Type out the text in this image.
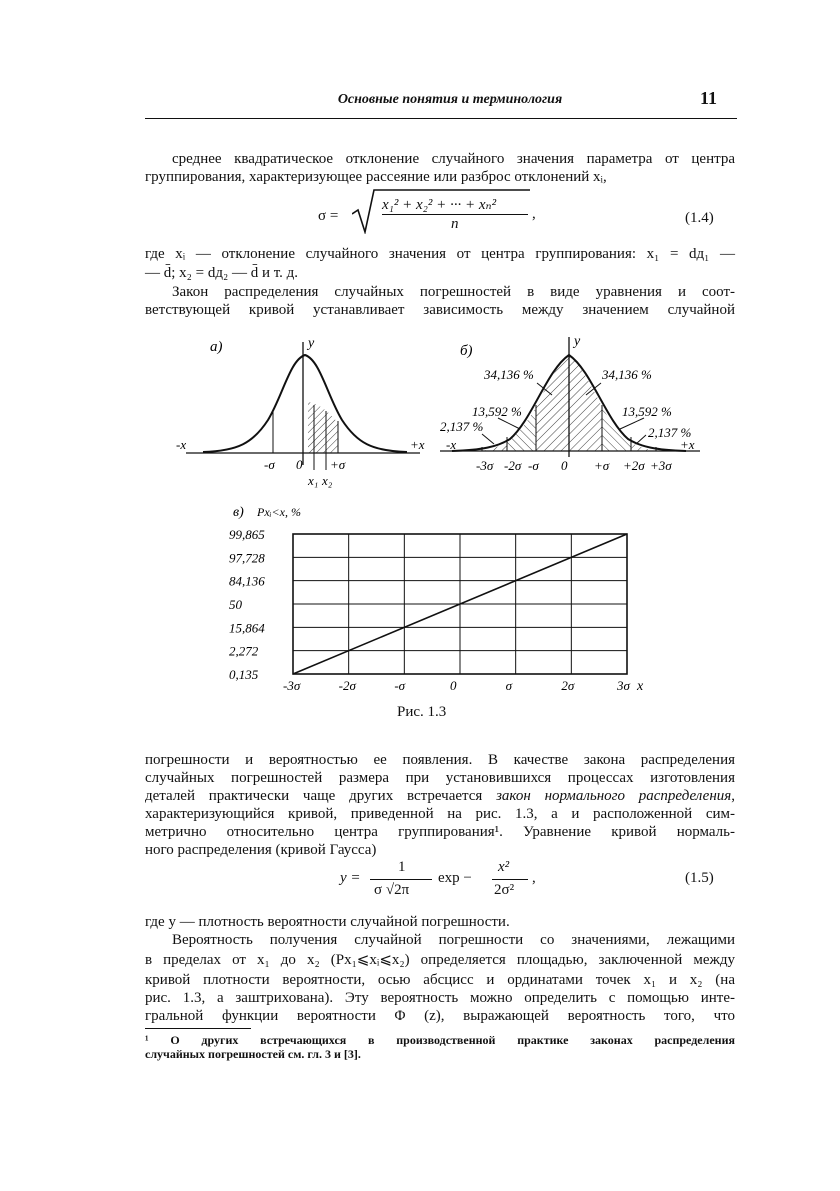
Основные понятия и терминология	11
среднее квадратическое отклонение случайного значения параметра от центра
группирования, характеризующее рассеяние или разброс отклонений xᵢ,
σ =
x₁² + x₂² + ··· + xₙ²
n
,	(1.4)
где xᵢ — отклонение случайного значения от центра группирования: x₁ = dд₁ —
— d̄; x₂ = dд₂ — d̄ и т. д.
Закон распределения случайных погрешностей в виде уравнения и соот-
ветствующей кривой устанавливает зависимость между значением случайной
а)	y
-x	+x
-σ 0 +σ
x₁ x₂
б)
y
34,136 %	34,136 %
13,592 %	13,592 %
2,137 %	2,137 %
-x	+x
-3σ -2σ -σ 0 +σ +2σ +3σ
в) Pxᵢ<x, %
99,865
97,728
84,136
50
15,864
2,272
0,135
-3σ	-2σ	-σ	0	σ	2σ	3σ x
Рис. 1.3
погрешности и вероятностью ее появления. В качестве закона распределения
случайных погрешностей размера при установившихся процессах изготовления
деталей практически чаще других встречается закон нормального распределения,
характеризующийся кривой, приведенной на рис. 1.3, а и расположенной сим-
метрично относительно центра группирования¹. Уравнение кривой нормаль-
ного распределения (кривой Гаусса)
y =
1
σ √2π
exp −
x²
2σ²
,	(1.5)
где y — плотность вероятности случайной погрешности.
Вероятность получения случайной погрешности со значениями, лежащими
в пределах от x₁ до x₂ (Px₁⩽xᵢ⩽x₂) определяется площадью, заключенной между
кривой плотности вероятности, осью абсцисс и ординатами точек x₁ и x₂ (на
рис. 1.3, а заштрихована). Эту вероятность можно определить с помощью инте-
гральной функции вероятности Φ (z), выражающей вероятность того, что
¹ О других встречающихся в производственной практике законах распределения
случайных погрешностей см. гл. 3 и [3].
